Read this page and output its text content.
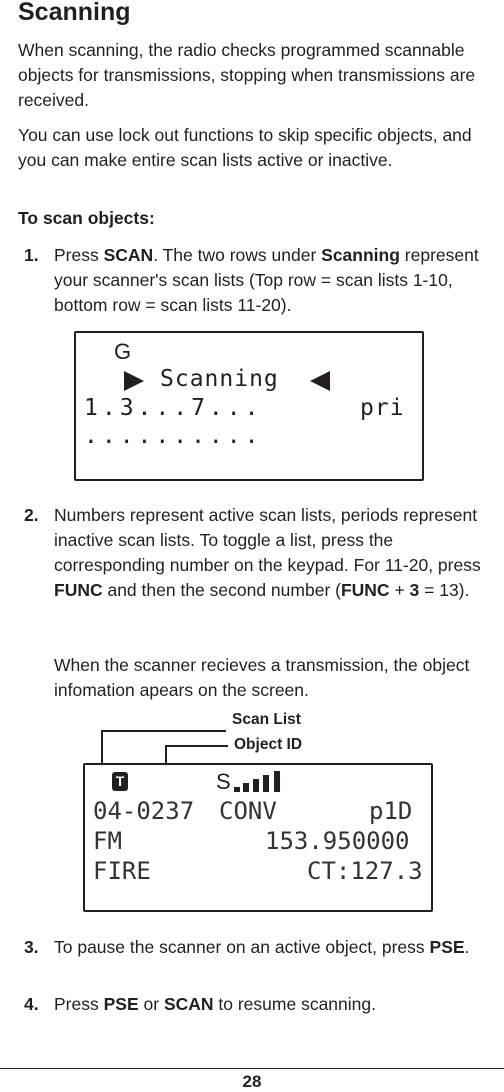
Scanning

When scanning, the radio checks programmed scannable objects for transmissions, stopping when transmissions are received.

You can use lock out functions to skip specific objects, and you can make entire scan lists active or inactive.

To scan objects:

1. Press SCAN. The two rows under Scanning represent your scanner's scan lists (Top row = scan lists 1-10, bottom row = scan lists 11-20).
G
Scanning
1.3...7...	pri
..........
2. Numbers represent active scan lists, periods represent inactive scan lists. To toggle a list, press the corresponding number on the keypad. For 11-20, press FUNC and then the second number (FUNC + 3 = 13).
When the scanner recieves a transmission, the object infomation apears on the screen.
Scan List
Object ID
T	S
04-0237 CONV	p1D
FM	153.950000
FIRE	CT:127.3
3. To pause the scanner on an active object, press PSE.
4. Press PSE or SCAN to resume scanning.
28
